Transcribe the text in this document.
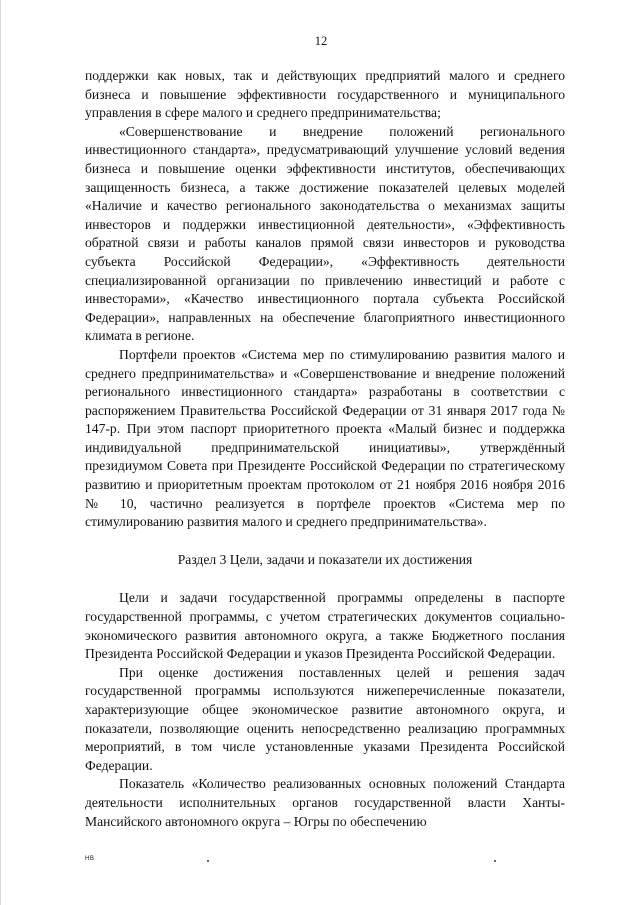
12

поддержки как новых, так и действующих предприятий малого и среднего бизнеса и повышение эффективности государственного и муниципального управления в сфере малого и среднего предпринимательства;

«Совершенствование и внедрение положений регионального инвестиционного стандарта», предусматривающий улучшение условий ведения бизнеса и повышение оценки эффективности институтов, обеспечивающих защищенность бизнеса, а также достижение показателей целевых моделей «Наличие и качество регионального законодательства о механизмах защиты инвесторов и поддержки инвестиционной деятельности», «Эффективность обратной связи и работы каналов прямой связи инвесторов и руководства субъекта Российской Федерации», «Эффективность деятельности специализированной организации по привлечению инвестиций и работе с инвесторами», «Качество инвестиционного портала субъекта Российской Федерации», направленных на обеспечение благоприятного инвестиционного климата в регионе.

Портфели проектов «Система мер по стимулированию развития малого и среднего предпринимательства» и «Совершенствование и внедрение положений регионального инвестиционного стандарта» разработаны в соответствии с распоряжением Правительства Российской Федерации от 31 января 2017 года № 147-р. При этом паспорт приоритетного проекта «Малый бизнес и поддержка индивидуальной предпринимательской инициативы», утверждённый президиумом Совета при Президенте Российской Федерации по стратегическому развитию и приоритетным проектам протоколом от 21 ноября 2016 ноября 2016 № 10, частично реализуется в портфеле проектов «Система мер по стимулированию развития малого и среднего предпринимательства».

Раздел 3 Цели, задачи и показатели их достижения

Цели и задачи государственной программы определены в паспорте государственной программы, с учетом стратегических документов социально-экономического развития автономного округа, а также Бюджетного послания Президента Российской Федерации и указов Президента Российской Федерации.

При оценке достижения поставленных целей и решения задач государственной программы используются нижеперечисленные показатели, характеризующие общее экономическое развитие автономного округа, и показатели, позволяющие оценить непосредственно реализацию программных мероприятий, в том числе установленные указами Президента Российской Федерации.

Показатель «Количество реализованных основных положений Стандарта деятельности исполнительных органов государственной власти Ханты-Мансийского автономного округа – Югры по обеспечению

НВ
